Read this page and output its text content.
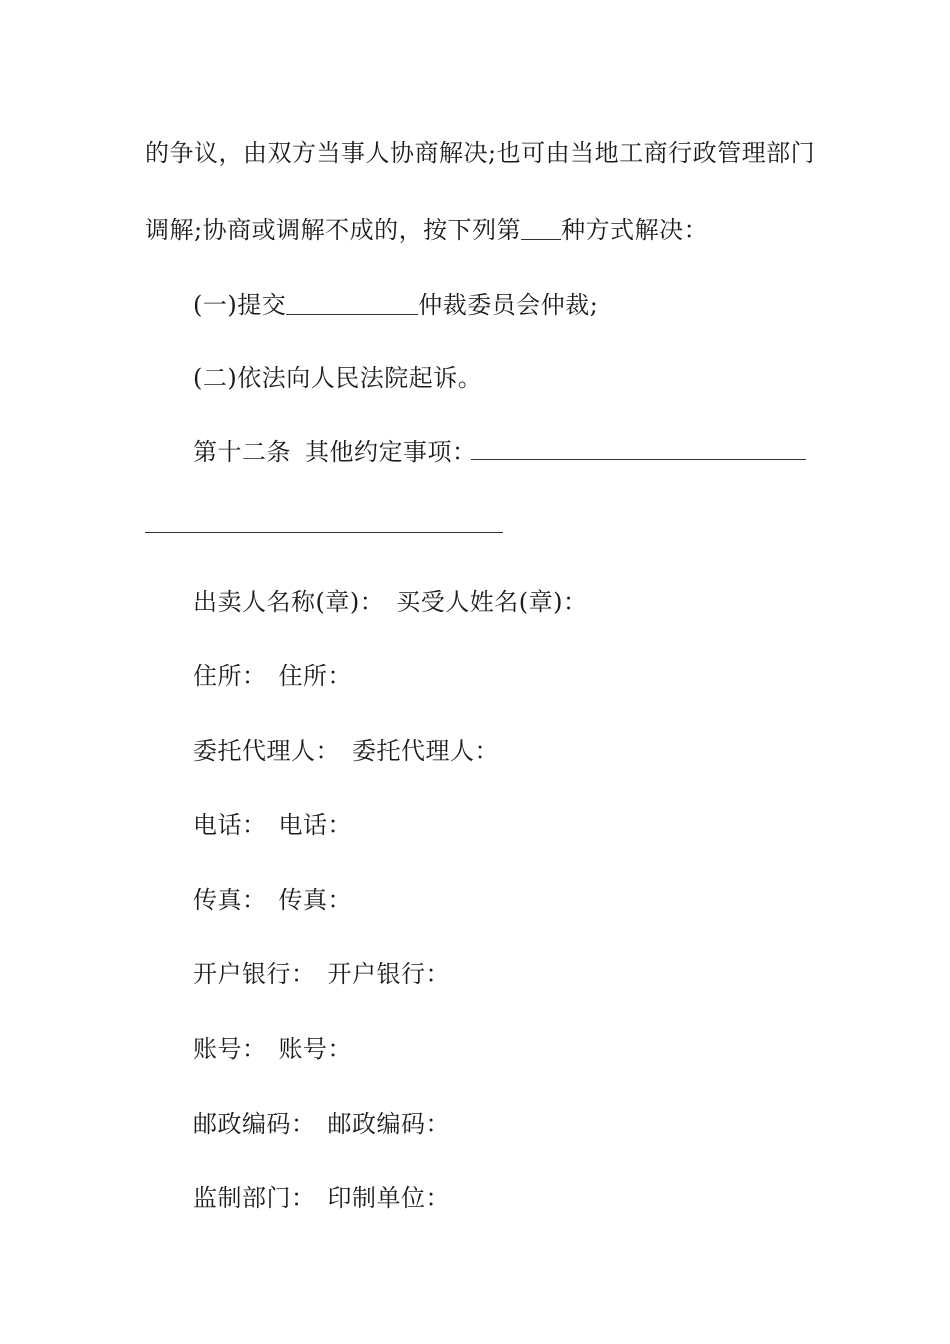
的争议，由双方当事人协商解决;也可由当地工商行政管理部门
调解;协商或调解不成的，按下列第 种方式解决：
(一)提交	仲裁委员会仲裁;
(二)依法向人民法院起诉。
第十二条 其他约定事项：
出卖人名称(章)： 买受人姓名(章)：
住所： 住所：
委托代理人： 委托代理人：
电话： 电话：
传真： 传真：
开户银行： 开户银行：
账号： 账号：
邮政编码： 邮政编码：
监制部门： 印制单位：
